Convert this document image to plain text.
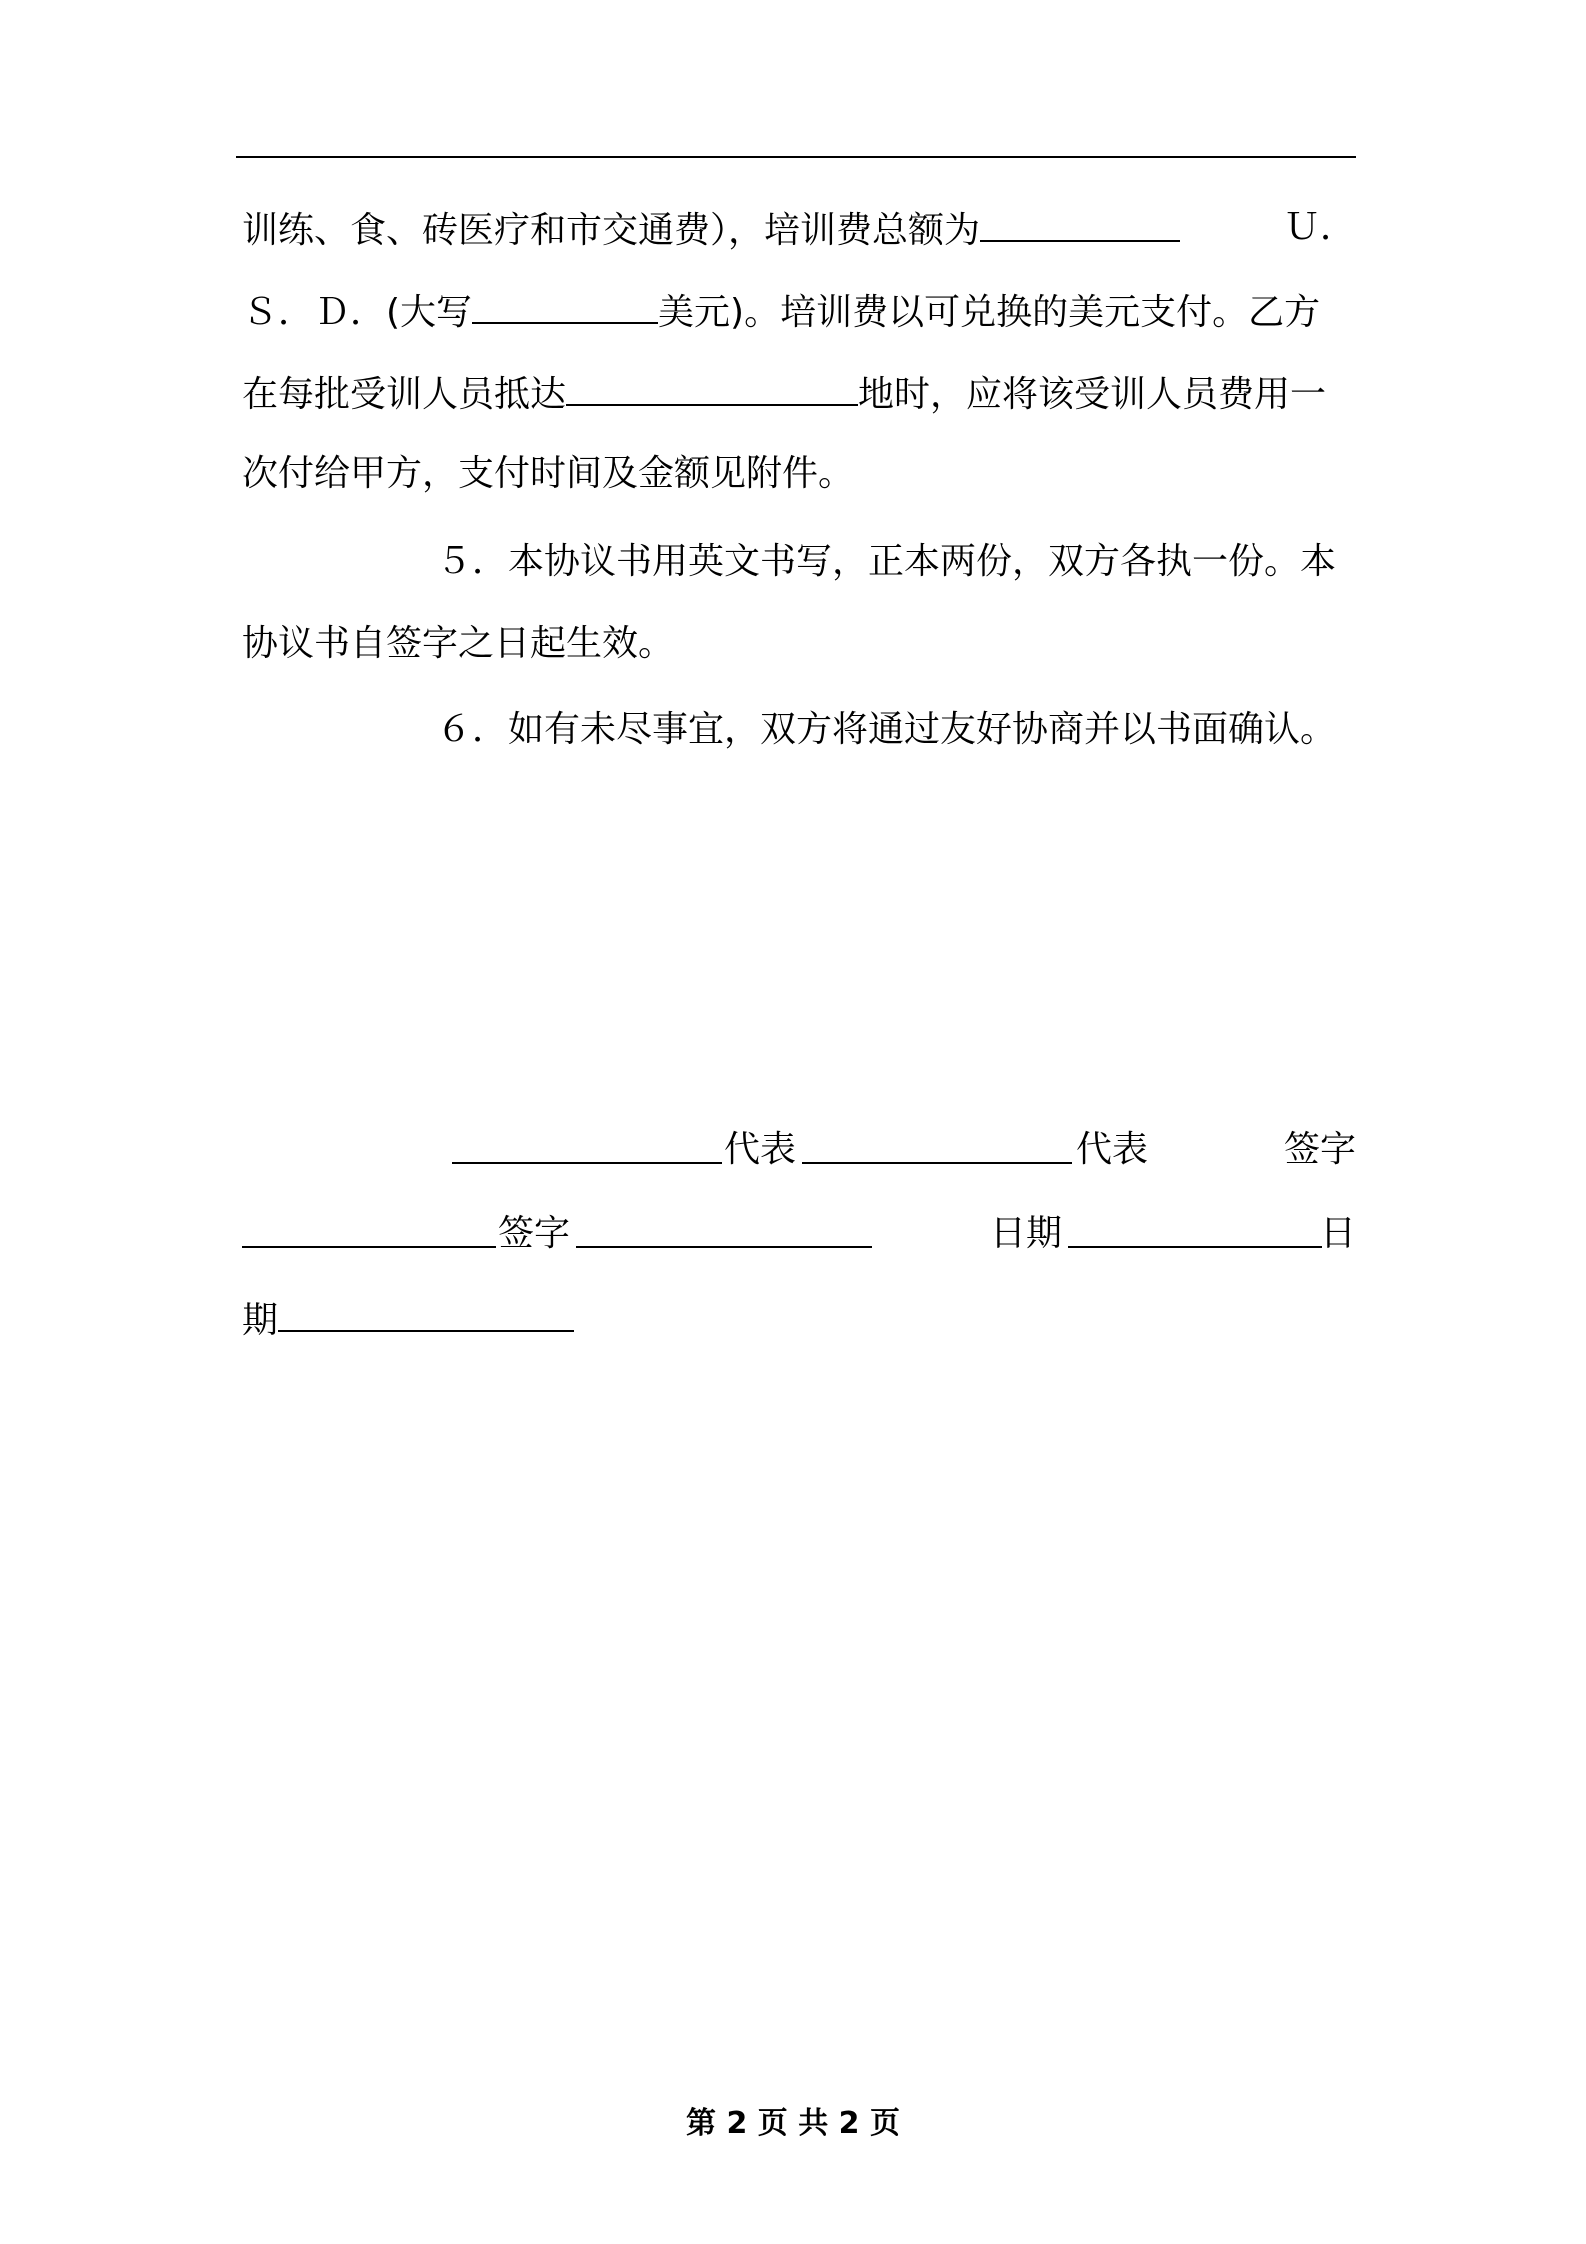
训练、食、砖医疗和市交通费），培训费总额为	Ｕ．
Ｓ．Ｄ．(大写	美元)。培训费以可兑换的美元支付。乙方
在每批受训人员抵达	地时，应将该受训人员费用一
次付给甲方，支付时间及金额见附件。
５．本协议书用英文书写，正本两份，双方各执一份。本
协议书自签字之日起生效。
６．如有未尽事宜，双方将通过友好协商并以书面确认。
代表	代表	签字
签字	日期	日
期
第 2 页 共 2 页
